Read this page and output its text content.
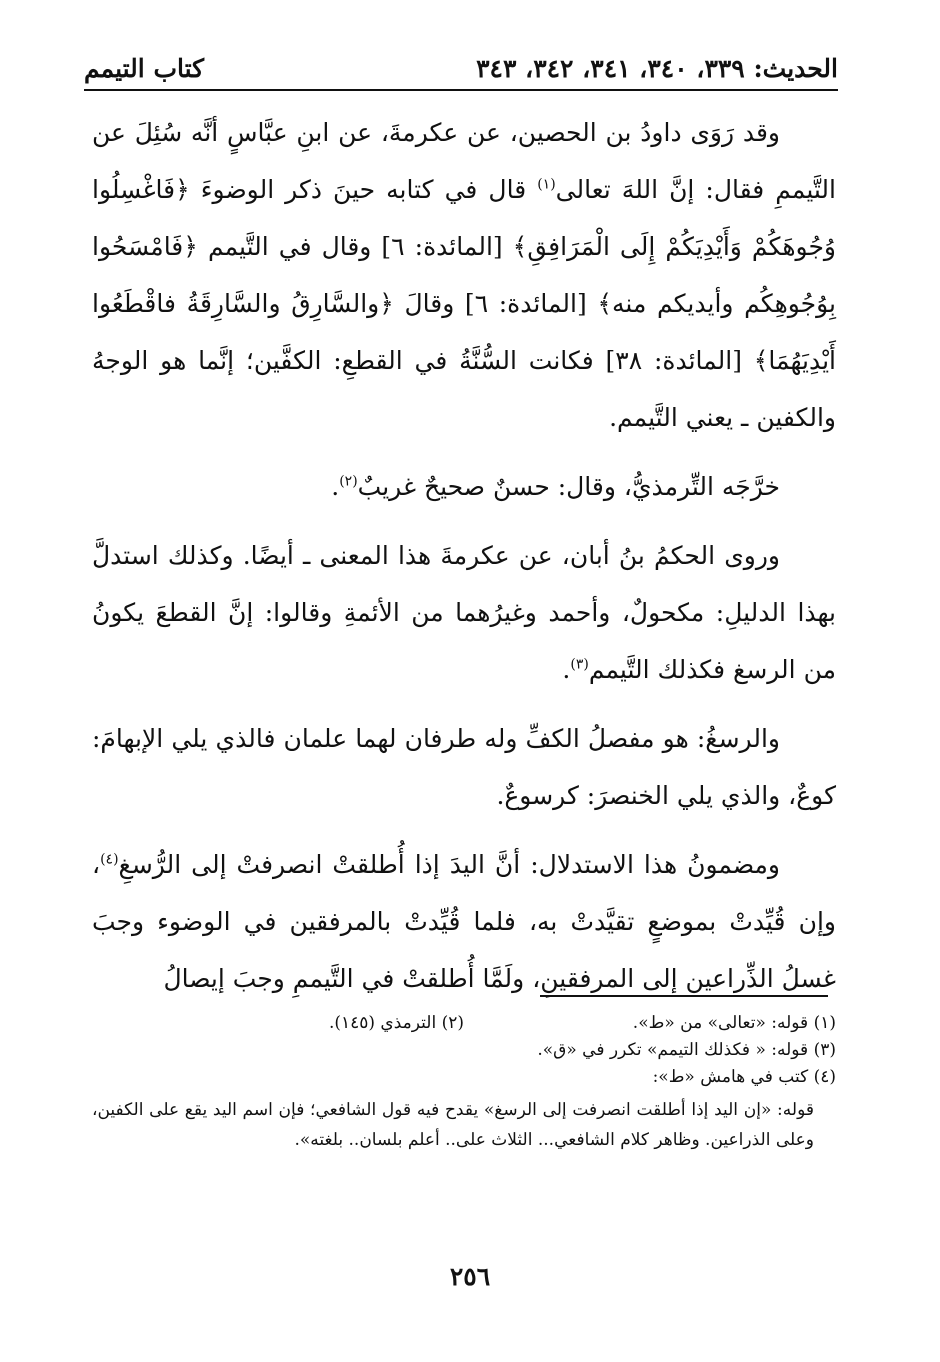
الحديث: ٣٣٩، ٣٤٠، ٣٤١، ٣٤٢، ٣٤٣
كتاب التيمم

وقد رَوَى داودُ بن الحصين، عن عكرمةَ، عن ابنِ عبَّاسٍ أنَّه سُئِلَ عن التَّيممِ فقال: إنَّ اللهَ تعالى$^{(١)}$ قال في كتابه حينَ ذكر الوضوءَ ﴿فَاغْسِلُوا وُجُوهَكُمْ وَأَيْدِيَكُمْ إِلَى الْمَرَافِقِ﴾ [المائدة: ٦] وقال في التَّيمم ﴿فَامْسَحُوا بِوُجُوهِكُم وأيديكم منه﴾ [المائدة: ٦] وقالَ ﴿والسَّارِقُ والسَّارِقَةُ فاقْطَعُوا أَيْدِيَهُمَا﴾ [المائدة: ٣٨] فكانت السُّنَّةُ في القطعِ: الكفَّين؛ إنَّما هو الوجهُ والكفين ـ يعني التَّيمم.

خرَّجَه التِّرمذيُّ، وقال: حسنٌ صحيحٌ غريبٌ$^{(٢)}$.

وروى الحكمُ بنُ أبان، عن عكرمةَ هذا المعنى ـ أيضًا. وكذلك استدلَّ بهذا الدليلِ: مكحولٌ، وأحمد وغيرُهما من الأئمةِ وقالوا: إنَّ القطعَ يكونُ من الرسغ فكذلك التَّيمم$^{(٣)}$.

والرسغُ: هو مفصلُ الكفِّ وله طرفان لهما علمان فالذي يلي الإبهامَ: كوعٌ، والذي يلي الخنصرَ: كرسوعٌ.

ومضمونُ هذا الاستدلال: أنَّ اليدَ إذا أُطلقتْ انصرفتْ إلى الرُّسغِ$^{(٤)}$، وإن قُيِّدتْ بموضعٍ تقيَّدتْ به، فلما قُيِّدتْ بالمرفقين في الوضوء وجبَ غسلُ الذِّراعين إلى المرفقينِ، ولَمَّا أُطلقتْ في التَّيممِ وجبَ إيصالُ

(١) قوله: «تعالى» من «ط».
(٢) الترمذي (١٤٥).
(٣) قوله: « فكذلك التيمم» تكرر في «ق».
(٤) كتب في هامش «ط»:

قوله: «إن اليد إذا أطلقت انصرفت إلى الرسغ» يقدح فيه قول الشافعي؛ فإن اسم اليد يقع على الكفين، وعلى الذراعين. وظاهر كلام الشافعي... الثلاث على.. أعلم بلسان.. بلغته».

٢٥٦
